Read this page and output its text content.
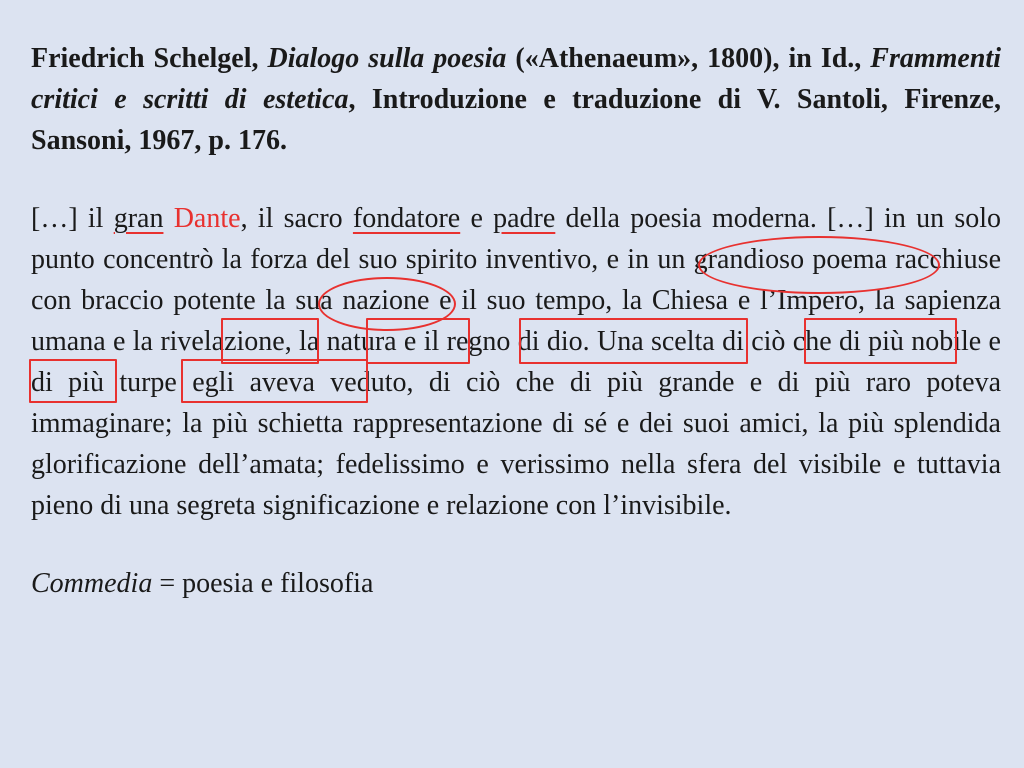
Friedrich Schelgel, Dialogo sulla poesia («Athenaeum», 1800), in Id., Frammenti critici e scritti di estetica, Introduzione e traduzione di V. Santoli, Firenze, Sansoni, 1967, p. 176.

[…] il gran Dante, il sacro fondatore e padre della poesia moderna. […] in un solo punto concentrò la forza del suo spirito inventivo, e in un grandioso poema racchiuse con braccio potente la sua nazione e il suo tempo, la Chiesa e l’Impero, la sapienza umana e la rivelazione, la natura e il regno di dio. Una scelta di ciò che di più nobile e di più turpe egli aveva veduto, di ciò che di più grande e di più raro poteva immaginare; la più schietta rappresentazione di sé e dei suoi amici, la più splendida glorificazione dell’amata; fedelissimo e verissimo nella sfera del visibile e tuttavia pieno di una segreta significazione e relazione con l’invisibile.

Commedia = poesia e filosofia
